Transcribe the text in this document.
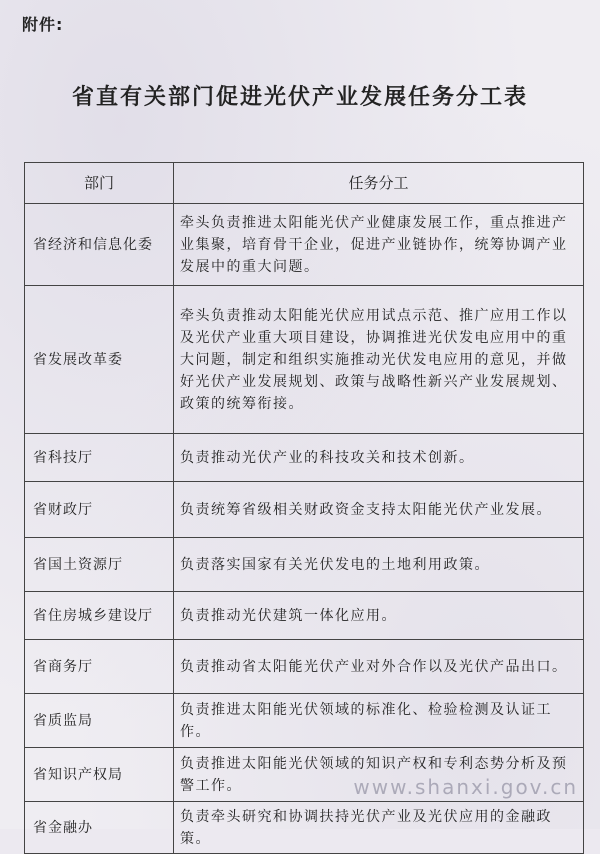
附件:
省直有关部门促进光伏产业发展任务分工表
部门	任务分工
省经济和信息化委	牵头负责推进太阳能光伏产业健康发展工作，重点推进产业集聚，培育骨干企业，促进产业链协作，统筹协调产业发展中的重大问题。
省发展改革委	牵头负责推动太阳能光伏应用试点示范、推广应用工作以及光伏产业重大项目建设，协调推进光伏发电应用中的重大问题，制定和组织实施推动光伏发电应用的意见，并做好光伏产业发展规划、政策与战略性新兴产业发展规划、政策的统筹衔接。
省科技厅	负责推动光伏产业的科技攻关和技术创新。
省财政厅	负责统筹省级相关财政资金支持太阳能光伏产业发展。
省国土资源厅	负责落实国家有关光伏发电的土地利用政策。
省住房城乡建设厅	负责推动光伏建筑一体化应用。
省商务厅	负责推动省太阳能光伏产业对外合作以及光伏产品出口。
省质监局	负责推进太阳能光伏领域的标准化、检验检测及认证工作。
省知识产权局	负责推进太阳能光伏领域的知识产权和专利态势分析及预警工作。
省金融办	负责牵头研究和协调扶持光伏产业及光伏应用的金融政策。
www.shanxi.gov.cn
